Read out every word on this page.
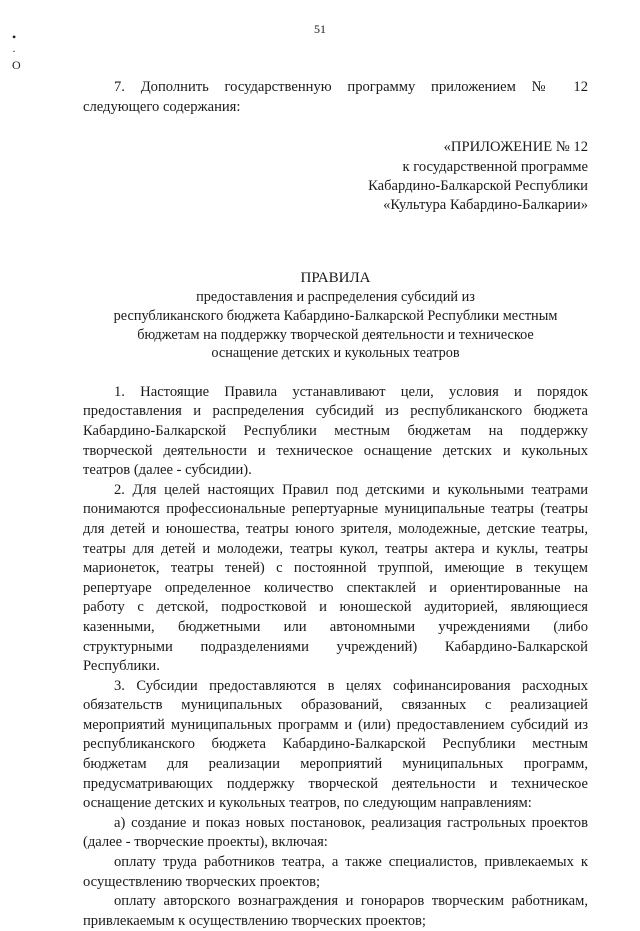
51
•
·
О

7. Дополнить государственную программу приложением № 12

следующего содержания:

«ПРИЛОЖЕНИЕ № 12
к государственной программе
Кабардино-Балкарской Республики
«Культура Кабардино-Балкарии»
ПРАВИЛА
предоставления и распределения субсидий из
республиканского бюджета Кабардино-Балкарской Республики местным
бюджетам на поддержку творческой деятельности и техническое
оснащение детских и кукольных театров

1. Настоящие Правила устанавливают цели, условия и порядок

предоставления и распределения субсидий из республиканского бюджета

Кабардино-Балкарской Республики местным бюджетам на поддержку

творческой деятельности и техническое оснащение детских и кукольных

театров (далее - субсидии).

2. Для целей настоящих Правил под детскими и кукольными театрами

понимаются профессиональные репертуарные муниципальные театры (театры

для детей и юношества, театры юного зрителя, молодежные, детские театры,

театры для детей и молодежи, театры кукол, театры актера и куклы, театры

марионеток, театры теней) с постоянной труппой, имеющие в текущем

репертуаре определенное количество спектаклей и ориентированные на

работу с детской, подростковой и юношеской аудиторией, являющиеся

казенными, бюджетными или автономными учреждениями (либо

структурными подразделениями учреждений) Кабардино-Балкарской

Республики.

3. Субсидии предоставляются в целях софинансирования расходных

обязательств муниципальных образований, связанных с реализацией

мероприятий муниципальных программ и (или) предоставлением субсидий из

республиканского бюджета Кабардино-Балкарской Республики местным

бюджетам для реализации мероприятий муниципальных программ,

предусматривающих поддержку творческой деятельности и техническое

оснащение детских и кукольных театров, по следующим направлениям:

а) создание и показ новых постановок, реализация гастрольных проектов

(далее - творческие проекты), включая:

оплату труда работников театра, а также специалистов, привлекаемых к

осуществлению творческих проектов;

оплату авторского вознаграждения и гонораров творческим работникам,

привлекаемым к осуществлению творческих проектов;
